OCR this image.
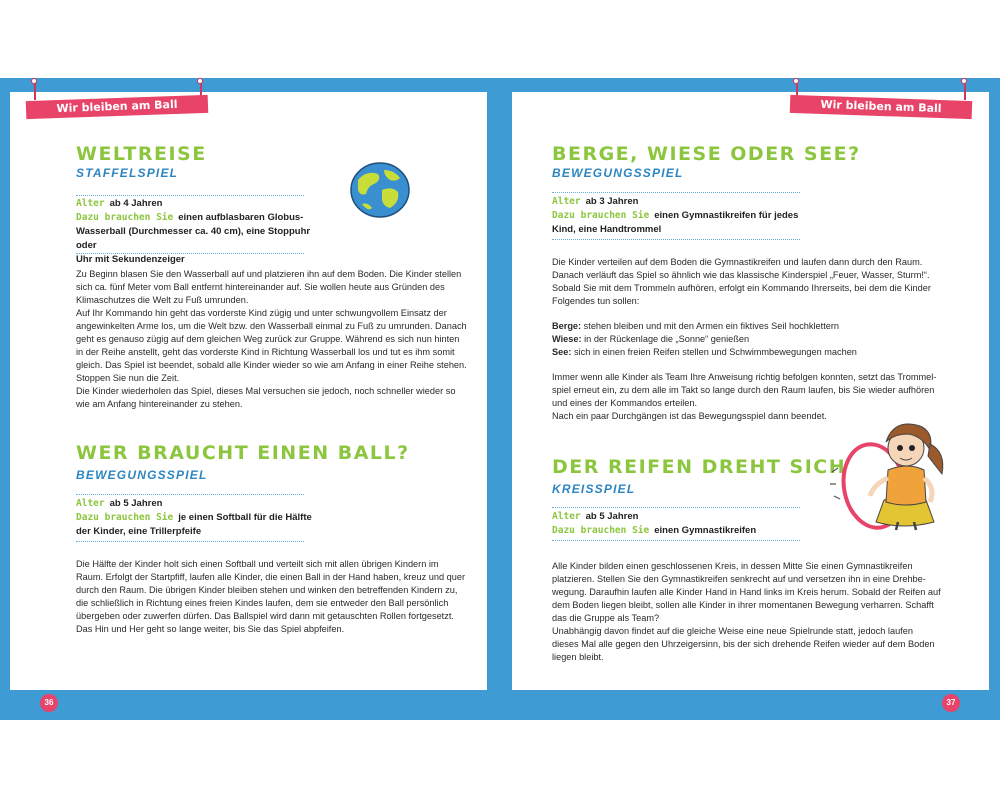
Wir bleiben am Ball	Wir bleiben am Ball
WELTREISE
STAFFELSPIEL
Alter ab 4 Jahren
Dazu brauchen Sie einen aufblasbaren Globus-
Wasserball (Durchmesser ca. 40 cm), eine Stoppuhr oder
Uhr mit Sekundenzeiger

Zu Beginn blasen Sie den Wasserball auf und platzieren ihn auf dem Boden. Die Kinder stellen

sich ca. fünf Meter vom Ball entfernt hintereinander auf. Sie wollen heute aus Gründen des

Klimaschutzes die Welt zu Fuß umrunden.

Auf Ihr Kommando hin geht das vorderste Kind zügig und unter schwungvollem Einsatz der

angewinkelten Arme los, um die Welt bzw. den Wasserball einmal zu Fuß zu umrunden. Danach

geht es genauso zügig auf dem gleichen Weg zurück zur Gruppe. Während es sich nun hinten

in der Reihe anstellt, geht das vorderste Kind in Richtung Wasserball los und tut es ihm somit

gleich. Das Spiel ist beendet, sobald alle Kinder wieder so wie am Anfang in einer Reihe stehen.

Stoppen Sie nun die Zeit.

Die Kinder wiederholen das Spiel, dieses Mal versuchen sie jedoch, noch schneller wieder so

wie am Anfang hintereinander zu stehen.

WER BRAUCHT EINEN BALL?
BEWEGUNGSSPIEL
Alter ab 5 Jahren
Dazu brauchen Sie je einen Softball für die Hälfte
der Kinder, eine Trillerpfeife

Die Hälfte der Kinder holt sich einen Softball und verteilt sich mit allen übrigen Kindern im

Raum. Erfolgt der Startpfiff, laufen alle Kinder, die einen Ball in der Hand haben, kreuz und quer

durch den Raum. Die übrigen Kinder bleiben stehen und winken den betreffenden Kindern zu,

die schließlich in Richtung eines freien Kindes laufen, dem sie entweder den Ball persönlich

übergeben oder zuwerfen dürfen. Das Ballspiel wird dann mit getauschten Rollen fortgesetzt.

Das Hin und Her geht so lange weiter, bis Sie das Spiel abpfeifen.

36
BERGE, WIESE ODER SEE?
BEWEGUNGSSPIEL
Alter ab 3 Jahren
Dazu brauchen Sie einen Gymnastikreifen für jedes
Kind, eine Handtrommel

Die Kinder verteilen auf dem Boden die Gymnastikreifen und laufen dann durch den Raum.

Danach verläuft das Spiel so ähnlich wie das klassische Kinderspiel „Feuer, Wasser, Sturm!“.

Sobald Sie mit dem Trommeln aufhören, erfolgt ein Kommando Ihrerseits, bei dem die Kinder

Folgendes tun sollen:

Berge: stehen bleiben und mit den Armen ein fiktives Seil hochklettern

Wiese: in der Rückenlage die „Sonne“ genießen

See: sich in einen freien Reifen stellen und Schwimmbewegungen machen

Immer wenn alle Kinder als Team Ihre Anweisung richtig befolgen konnten, setzt das Trommel-

spiel erneut ein, zu dem alle im Takt so lange durch den Raum laufen, bis Sie wieder aufhören

und eines der Kommandos erteilen.

Nach ein paar Durchgängen ist das Bewegungsspiel dann beendet.

DER REIFEN DREHT SICH
KREISSPIEL
Alter ab 5 Jahren
Dazu brauchen Sie einen Gymnastikreifen

Alle Kinder bilden einen geschlossenen Kreis, in dessen Mitte Sie einen Gymnastikreifen

platzieren. Stellen Sie den Gymnastikreifen senkrecht auf und versetzen ihn in eine Drehbe-

wegung. Daraufhin laufen alle Kinder Hand in Hand links im Kreis herum. Sobald der Reifen auf

dem Boden liegen bleibt, sollen alle Kinder in ihrer momentanen Bewegung verharren. Schafft

das die Gruppe als Team?

Unabhängig davon findet auf die gleiche Weise eine neue Spielrunde statt, jedoch laufen

dieses Mal alle gegen den Uhrzeigersinn, bis der sich drehende Reifen wieder auf dem Boden

liegen bleibt.

37
